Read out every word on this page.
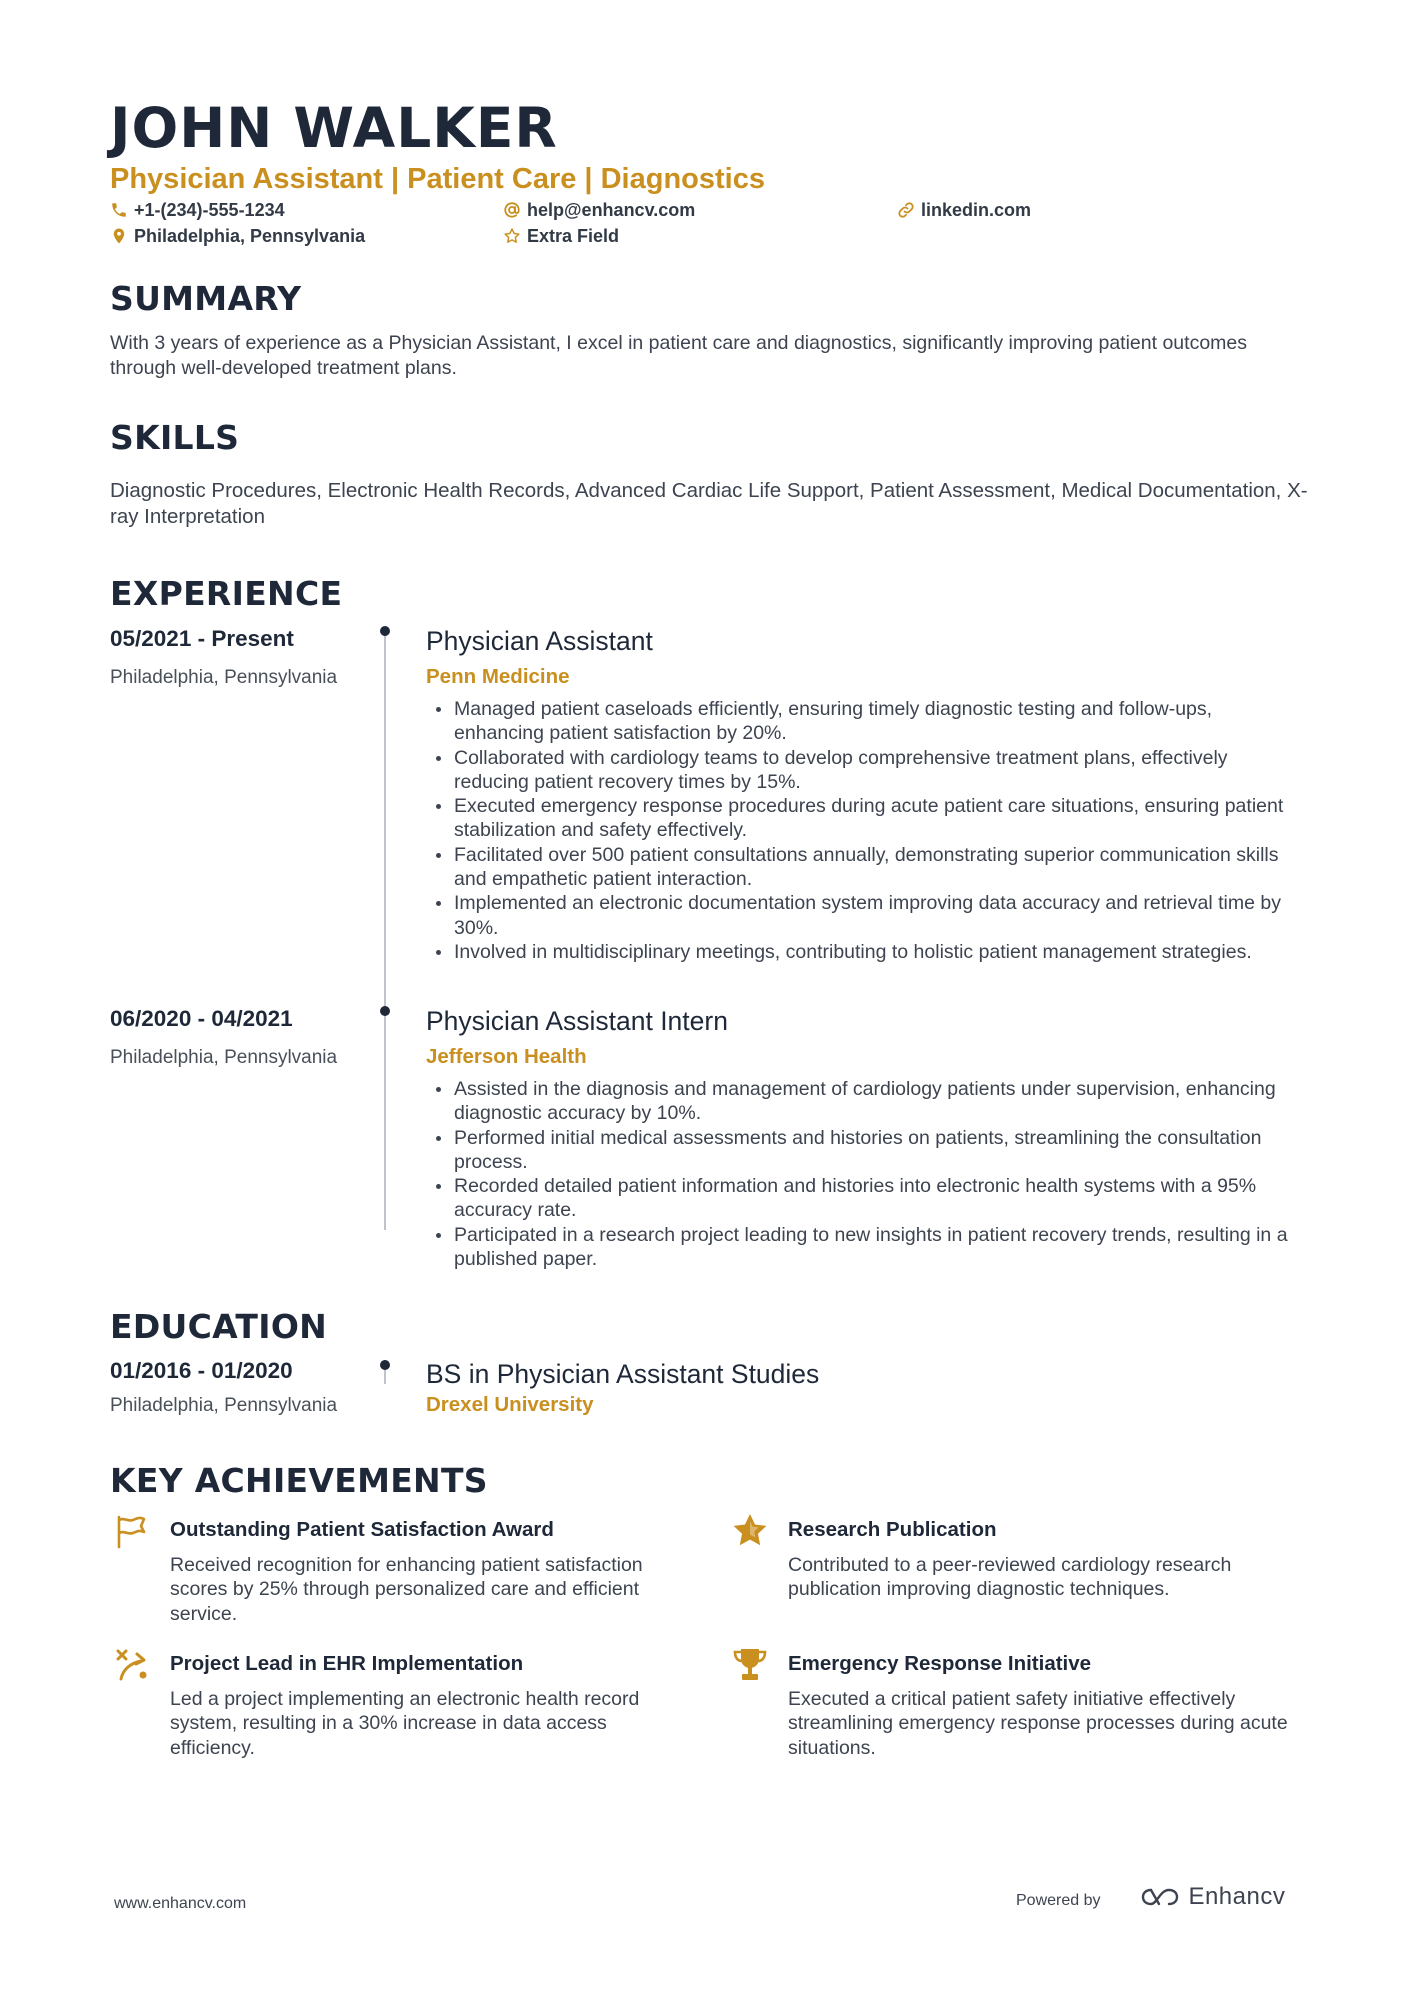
JOHN WALKER
Physician Assistant | Patient Care | Diagnostics
+1-(234)-555-1234	help@enhancv.com	linkedin.com
Philadelphia, Pennsylvania	Extra Field
SUMMARY
With 3 years of experience as a Physician Assistant, I excel in patient care and diagnostics, significantly improving patient outcomes through well-developed treatment plans.
SKILLS
Diagnostic Procedures, Electronic Health Records, Advanced Cardiac Life Support, Patient Assessment, Medical Documentation, X-ray Interpretation
EXPERIENCE
05/2021 - Present
Philadelphia, Pennsylvania
Physician Assistant
Penn Medicine
Managed patient caseloads efficiently, ensuring timely diagnostic testing and follow-ups, enhancing patient satisfaction by 20%.
Collaborated with cardiology teams to develop comprehensive treatment plans, effectively reducing patient recovery times by 15%.
Executed emergency response procedures during acute patient care situations, ensuring patient stabilization and safety effectively.
Facilitated over 500 patient consultations annually, demonstrating superior communication skills and empathetic patient interaction.
Implemented an electronic documentation system improving data accuracy and retrieval time by 30%.
Involved in multidisciplinary meetings, contributing to holistic patient management strategies.
06/2020 - 04/2021
Philadelphia, Pennsylvania
Physician Assistant Intern
Jefferson Health
Assisted in the diagnosis and management of cardiology patients under supervision, enhancing diagnostic accuracy by 10%.
Performed initial medical assessments and histories on patients, streamlining the consultation process.
Recorded detailed patient information and histories into electronic health systems with a 95% accuracy rate.
Participated in a research project leading to new insights in patient recovery trends, resulting in a published paper.
EDUCATION
01/2016 - 01/2020
Philadelphia, Pennsylvania
BS in Physician Assistant Studies
Drexel University
KEY ACHIEVEMENTS
Outstanding Patient Satisfaction Award
Received recognition for enhancing patient satisfaction scores by 25% through personalized care and efficient service.
Research Publication
Contributed to a peer-reviewed cardiology research publication improving diagnostic techniques.
Project Lead in EHR Implementation
Led a project implementing an electronic health record system, resulting in a 30% increase in data access efficiency.
Emergency Response Initiative
Executed a critical patient safety initiative effectively streamlining emergency response processes during acute situations.
www.enhancv.com	Powered by	Enhancv
